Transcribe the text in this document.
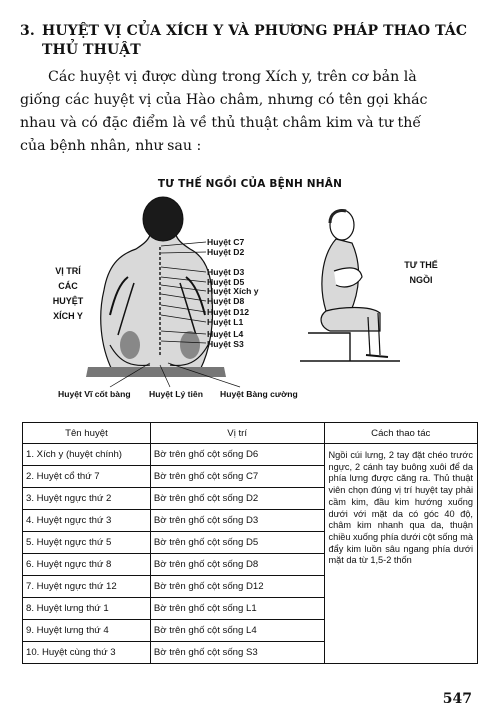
3. HUYỆT VỊ CỦA XÍCH Y VÀ PHƯƠNG PHÁP THAO TÁC
THỦ THUẬT
Các huyệt vị được dùng trong Xích y, trên cơ bản là
giống các huyệt vị của Hào châm, nhưng có tên gọi khác
nhau và có đặc điểm là về thủ thuật châm kim và tư thế
của bệnh nhân, như sau :
TƯ THẾ NGỒI CỦA BỆNH NHÂN
VỊ TRÍ
CÁC
HUYỆT
XÍCH Y
TƯ THẾ
NGỒI
Huyệt C7
Huyệt D2
Huyệt D3
Huyệt D5
Huyệt Xích y
Huyệt D8
Huyệt D12
Huyệt L1
Huyệt L4
Huyệt S3
Huyệt Vĩ cốt bàng Huyệt Lý tiên Huyệt Bàng cường
Tên huyệt	Vị trí	Cách thao tác
1. Xích y (huyệt chính)	Bờ trên ghố cột sống D6	Ngồi cúi lưng, 2 tay đặt chéo trước ngực, 2 cánh tay buông xuôi để da phía lưng được căng ra. Thủ thuật viên chọn đúng vị trí huyệt tay phải cầm kim, đầu kim hướng xuống dưới với mặt da có góc 40 độ, châm kim nhanh qua da, thuận chiều xuống phía dưới cột sống mà đẩy kim luồn sâu ngang phía dưới mặt da từ 1,5-2 thốn
2. Huyệt cổ thứ 7	Bờ trên ghố cột sống C7	
3. Huyệt ngực thứ 2	Bờ trên ghố cột sống D2	
4. Huyệt ngực thứ 3	Bờ trên ghố cột sống D3	
5. Huyệt ngực thứ 5	Bờ trên ghố cột sống D5	
6. Huyệt ngực thứ 8	Bờ trên ghố cột sống D8	
7. Huyệt ngực thứ 12	Bờ trên ghố cột sống D12	
8. Huyệt lưng thứ 1	Bờ trên ghố cột sống L1	
9. Huyệt lưng thứ 4	Bờ trên ghố cột sống L4	
10. Huyệt cùng thứ 3	Bờ trên ghố cột sống S3	
547
